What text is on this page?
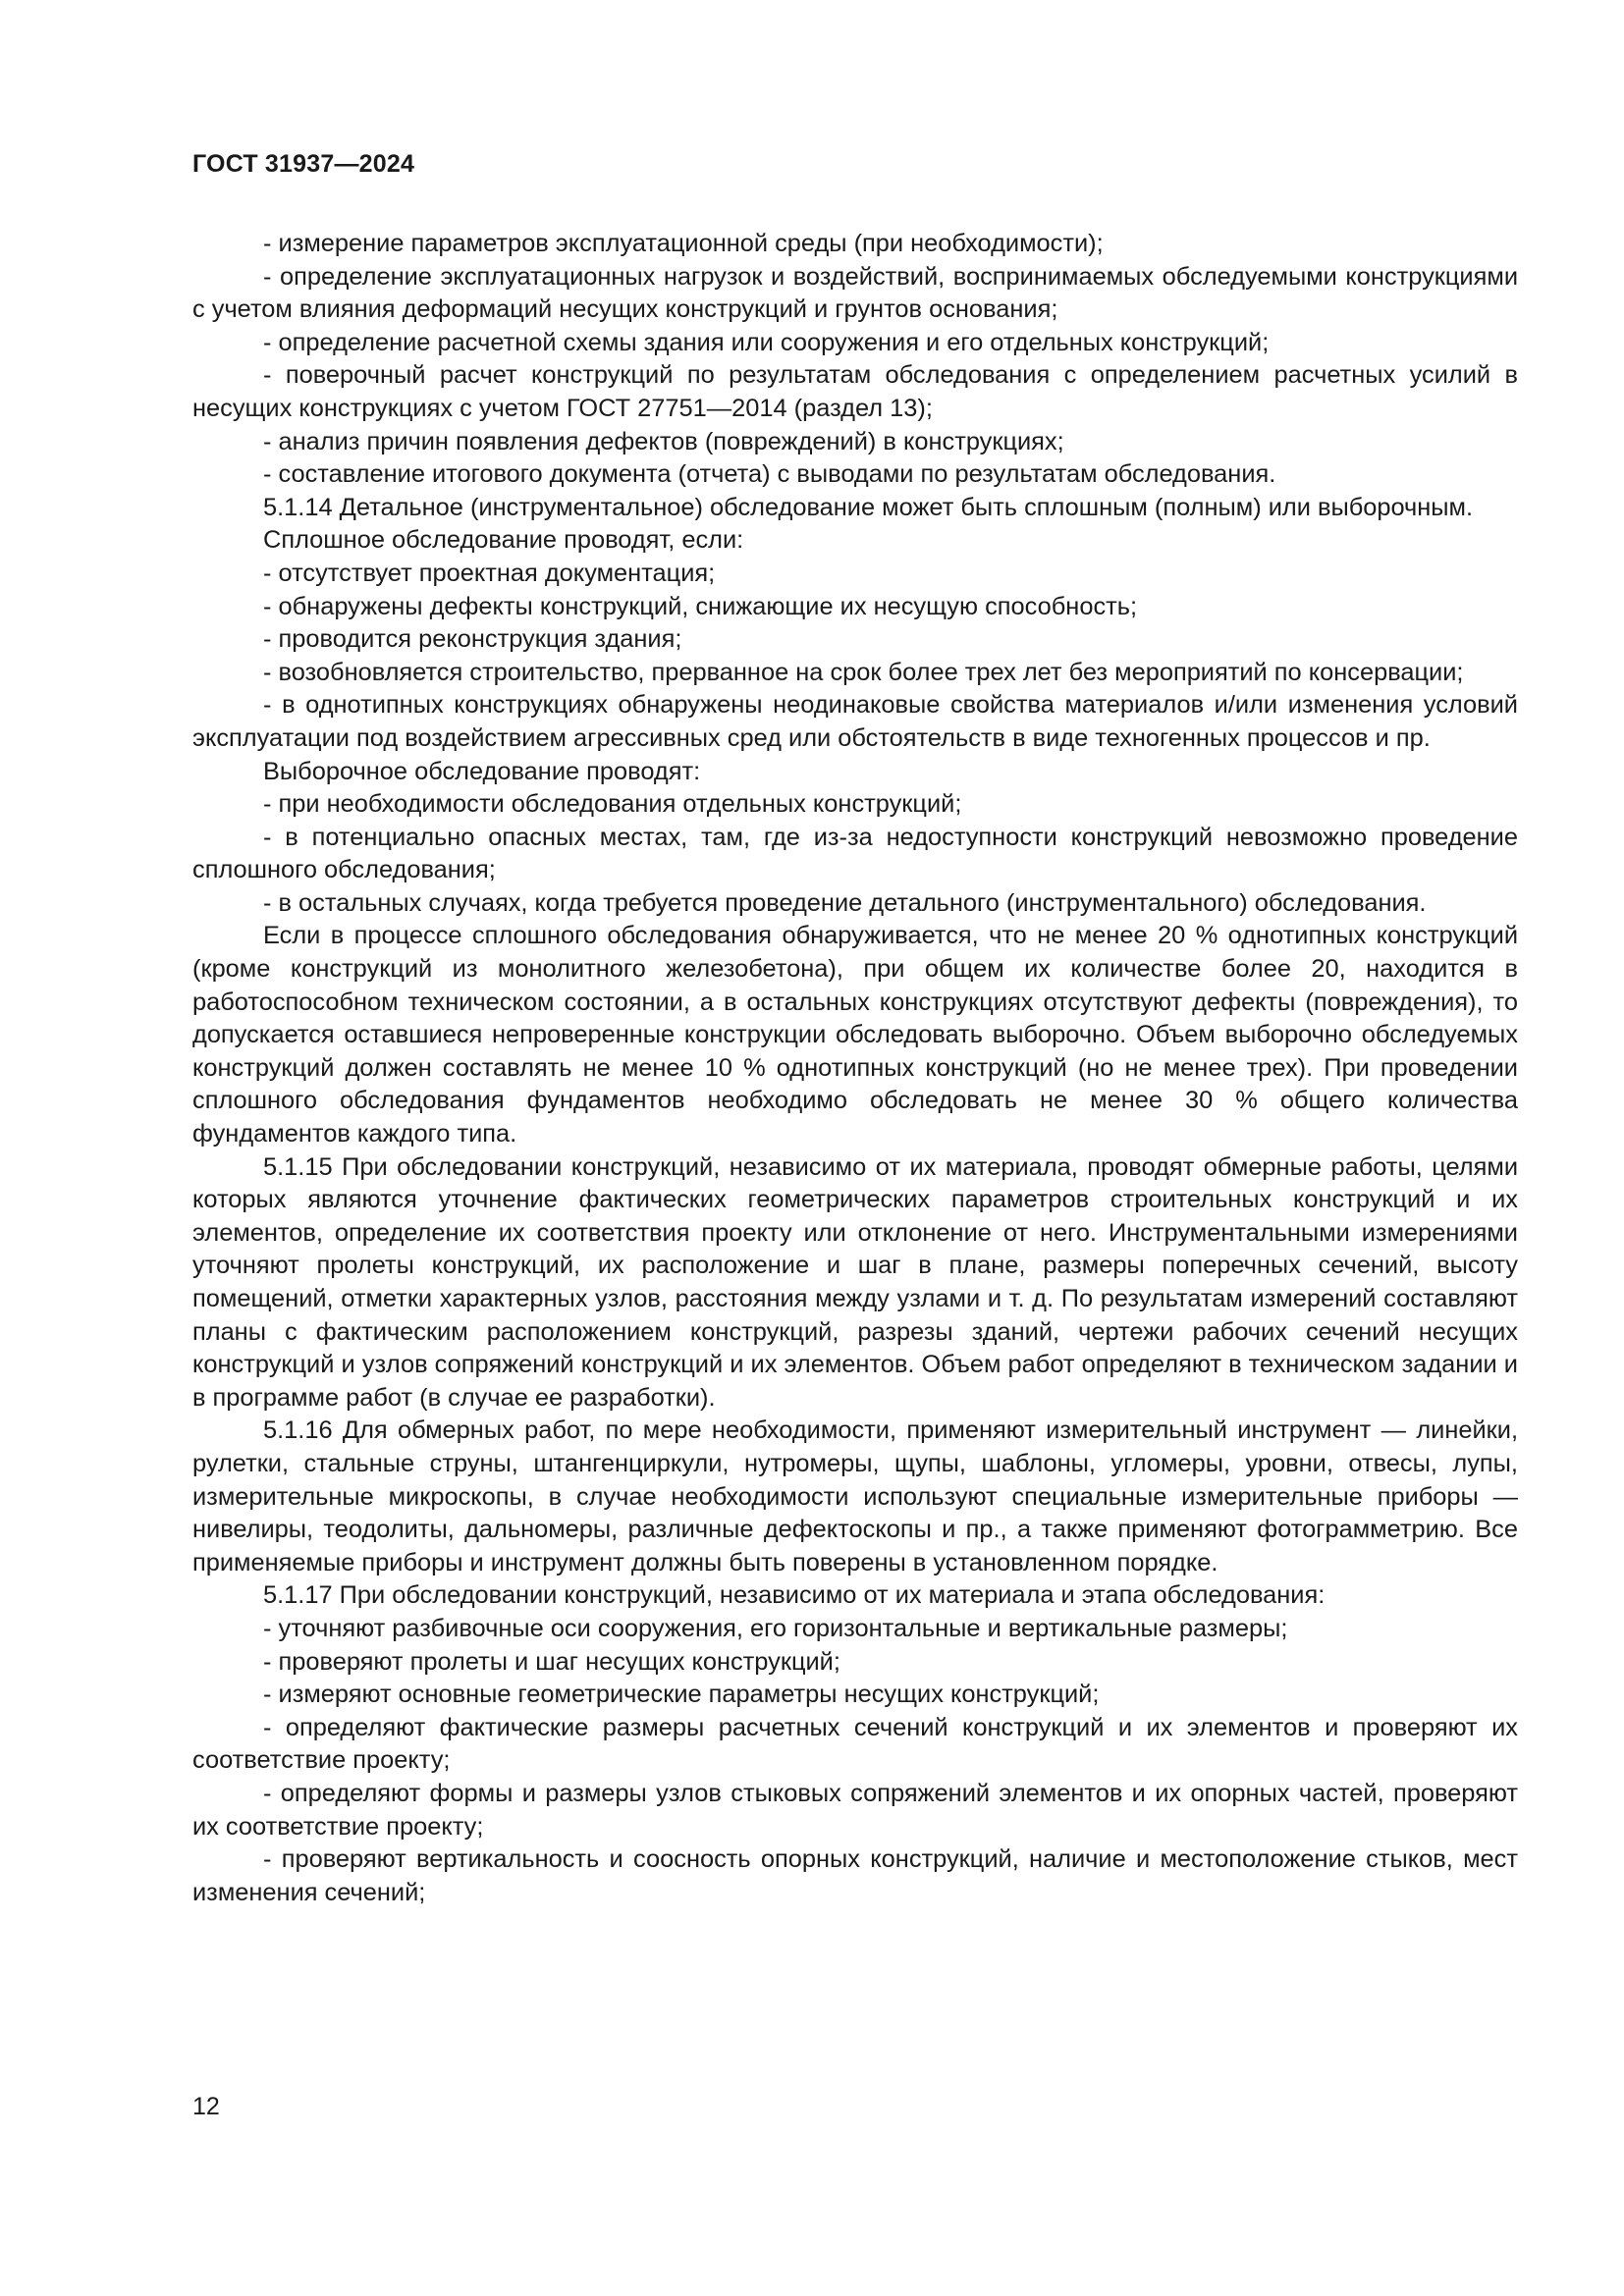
ГОСТ 31937—2024

- измерение параметров эксплуатационной среды (при необходимости);

- определение эксплуатационных нагрузок и воздействий, воспринимаемых обследуемыми конструкциями с учетом влияния деформаций несущих конструкций и грунтов основания;

- определение расчетной схемы здания или сооружения и его отдельных конструкций;

- поверочный расчет конструкций по результатам обследования с определением расчетных усилий в несущих конструкциях с учетом ГОСТ 27751—2014 (раздел 13);

- анализ причин появления дефектов (повреждений) в конструкциях;

- составление итогового документа (отчета) с выводами по результатам обследования.

5.1.14 Детальное (инструментальное) обследование может быть сплошным (полным) или выборочным.

Сплошное обследование проводят, если:

- отсутствует проектная документация;

- обнаружены дефекты конструкций, снижающие их несущую способность;

- проводится реконструкция здания;

- возобновляется строительство, прерванное на срок более трех лет без мероприятий по консервации;

- в однотипных конструкциях обнаружены неодинаковые свойства материалов и/или изменения условий эксплуатации под воздействием агрессивных сред или обстоятельств в виде техногенных процессов и пр.

Выборочное обследование проводят:

- при необходимости обследования отдельных конструкций;

- в потенциально опасных местах, там, где из-за недоступности конструкций невозможно проведение сплошного обследования;

- в остальных случаях, когда требуется проведение детального (инструментального) обследования.

Если в процессе сплошного обследования обнаруживается, что не менее 20 % однотипных конструкций (кроме конструкций из монолитного железобетона), при общем их количестве более 20, находится в работоспособном техническом состоянии, а в остальных конструкциях отсутствуют дефекты (повреждения), то допускается оставшиеся непроверенные конструкции обследовать выборочно. Объем выборочно обследуемых конструкций должен составлять не менее 10 % однотипных конструкций (но не менее трех). При проведении сплошного обследования фундаментов необходимо обследовать не менее 30 % общего количества фундаментов каждого типа.

5.1.15 При обследовании конструкций, независимо от их материала, проводят обмерные работы, целями которых являются уточнение фактических геометрических параметров строительных конструкций и их элементов, определение их соответствия проекту или отклонение от него. Инструментальными измерениями уточняют пролеты конструкций, их расположение и шаг в плане, размеры поперечных сечений, высоту помещений, отметки характерных узлов, расстояния между узлами и т. д. По результатам измерений составляют планы с фактическим расположением конструкций, разрезы зданий, чертежи рабочих сечений несущих конструкций и узлов сопряжений конструкций и их элементов. Объем работ определяют в техническом задании и в программе работ (в случае ее разработки).

5.1.16 Для обмерных работ, по мере необходимости, применяют измерительный инструмент — линейки, рулетки, стальные струны, штангенциркули, нутромеры, щупы, шаблоны, угломеры, уровни, отвесы, лупы, измерительные микроскопы, в случае необходимости используют специальные измерительные приборы — нивелиры, теодолиты, дальномеры, различные дефектоскопы и пр., а также применяют фотограмметрию. Все применяемые приборы и инструмент должны быть поверены в установленном порядке.

5.1.17 При обследовании конструкций, независимо от их материала и этапа обследования:

- уточняют разбивочные оси сооружения, его горизонтальные и вертикальные размеры;

- проверяют пролеты и шаг несущих конструкций;

- измеряют основные геометрические параметры несущих конструкций;

- определяют фактические размеры расчетных сечений конструкций и их элементов и проверяют их соответствие проекту;

- определяют формы и размеры узлов стыковых сопряжений элементов и их опорных частей, проверяют их соответствие проекту;

- проверяют вертикальность и соосность опорных конструкций, наличие и местоположение стыков, мест изменения сечений;

12
